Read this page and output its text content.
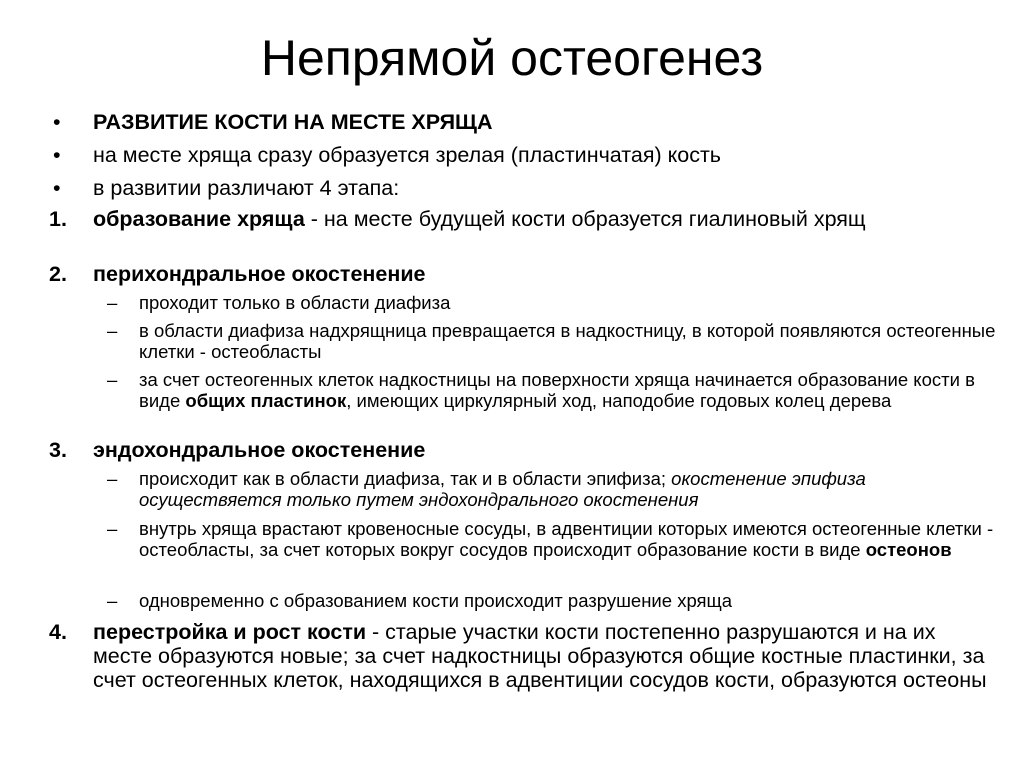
Непрямой остеогенез
• РАЗВИТИЕ КОСТИ НА МЕСТЕ ХРЯЩА
• на месте хряща сразу образуется зрелая (пластинчатая) кость
• в развитии различают 4 этапа:
1. образование хряща - на месте будущей кости образуется гиалиновый хрящ
2. перихондральное окостенение
– проходит только в области диафиза
– в области диафиза надхрящница превращается в надкостницу, в которой появляются остеогенные клетки - остеобласты
– за счет остеогенных клеток надкостницы на поверхности хряща начинается образование кости в виде общих пластинок, имеющих циркулярный ход, наподобие годовых колец дерева
3. эндохондральное окостенение
– происходит как в области диафиза, так и в области эпифиза; окостенение эпифиза осуществяется только путем эндохондрального окостенения
– внутрь хряща врастают кровеносные сосуды, в адвентиции которых имеются остеогенные клетки - остеобласты, за счет которых вокруг сосудов происходит образование кости в виде остеонов
– одновременно с образованием кости происходит разрушение хряща
4. перестройка и рост кости - старые участки кости постепенно разрушаются и на их месте образуются новые; за счет надкостницы образуются общие костные пластинки, за счет остеогенных клеток, находящихся в адвентиции сосудов кости, образуются остеоны
